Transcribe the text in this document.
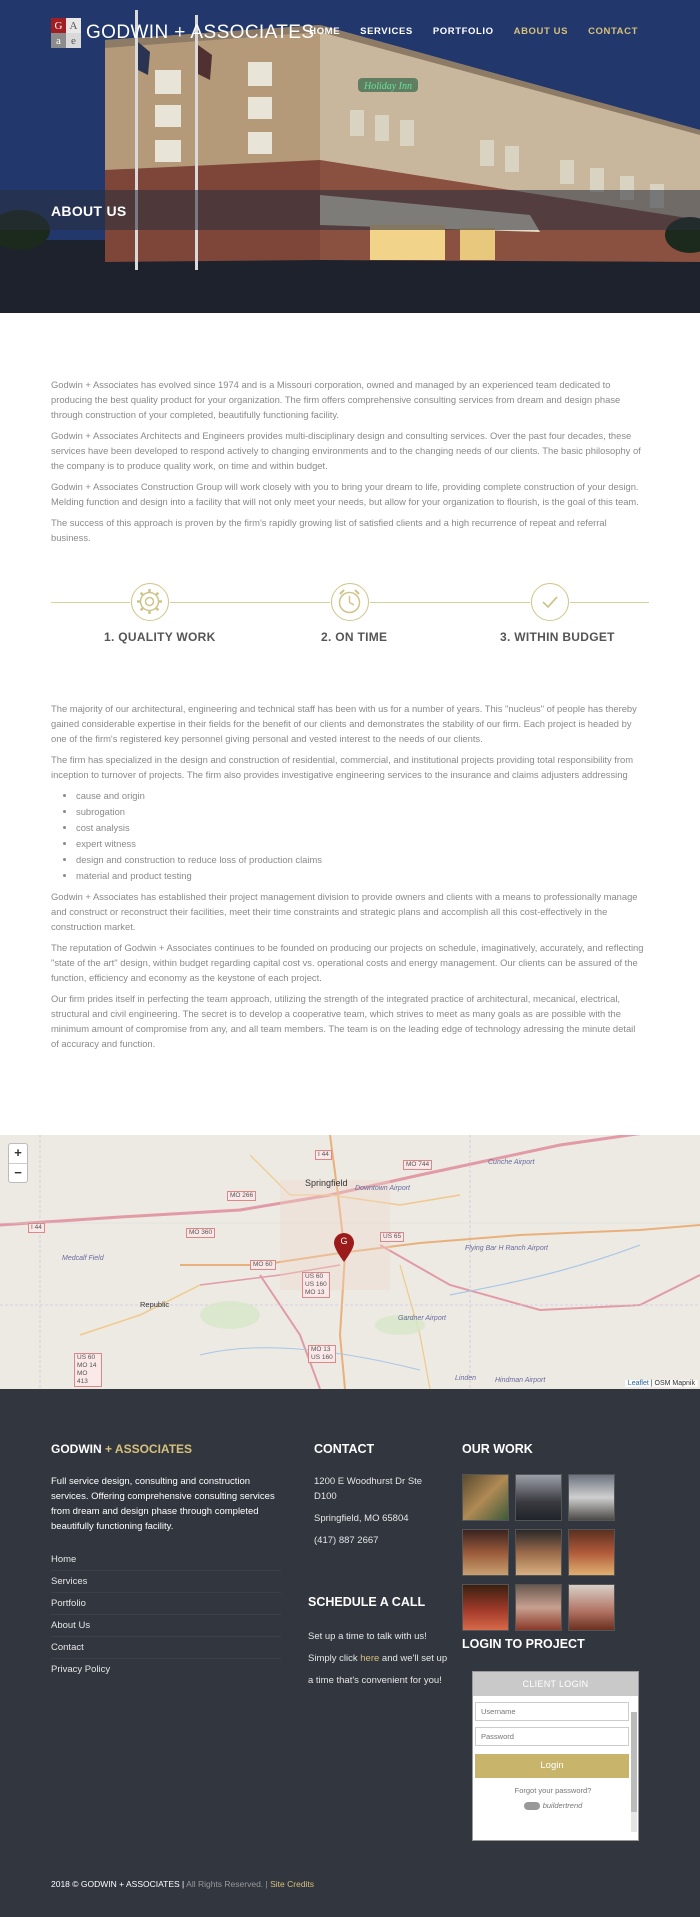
Holiday Inn
ABOUT US
G A
a e GODWIN + ASSOCIATES
HOME SERVICES PORTFOLIO ABOUT US CONTACT

Godwin + Associates has evolved since 1974 and is a Missouri corporation, owned and managed by an experienced team dedicated to producing the best quality product for your organization. The firm offers comprehensive consulting services from dream and design phase through construction of your completed, beautifully functioning facility.

Godwin + Associates Architects and Engineers provides multi-disciplinary design and consulting services. Over the past four decades, these services have been developed to respond actively to changing environments and to the changing needs of our clients. The basic philosophy of the company is to produce quality work, on time and within budget.

Godwin + Associates Construction Group will work closely with you to bring your dream to life, providing complete construction of your design. Melding function and design into a facility that will not only meet your needs, but allow for your organization to flourish, is the goal of this team.

The success of this approach is proven by the firm's rapidly growing list of satisfied clients and a high recurrence of repeat and referral business.

1. QUALITY WORK	2. ON TIME	3. WITHIN BUDGET

The majority of our architectural, engineering and technical staff has been with us for a number of years. This "nucleus" of people has thereby gained considerable expertise in their fields for the benefit of our clients and demonstrates the stability of our firm. Each project is headed by one of the firm's registered key personnel giving personal and vested interest to the needs of our clients.

The firm has specialized in the design and construction of residential, commercial, and institutional projects providing total responsibility from inception to turnover of projects. The firm also provides investigative engineering services to the insurance and claims adjusters addressing

• cause and origin
• subrogation
• cost analysis
• expert witness
• design and construction to reduce loss of production claims
• material and product testing

Godwin + Associates has established their project management division to provide owners and clients with a means to professionally manage and construct or reconstruct their facilities, meet their time constraints and strategic plans and accomplish all this cost-effectively in the construction market.

The reputation of Godwin + Associates continues to be founded on producing our projects on schedule, imaginatively, accurately, and reflecting "state of the art" design, within budget regarding capital cost vs. operational costs and energy management. Our clients can be assured of the function, efficiency and economy as the keystone of each project.

Our firm prides itself in perfecting the team approach, utilizing the strength of the integrated practice of architectural, mecanical, electrical, structural and civil engineering. The secret is to develop a cooperative team, which strives to meet as many goals as are possible with the minimum amount of compromise from any, and all team members. The team is on the leading edge of technology adressing the minute detail of accuracy and function.

Springfield
Republic
Cunche Airport
Downtown Airport
Medcalf Field
Flying Bar H Ranch Airport
Gardner Airport
Linden	Hindman Airport
I 44
MO 744
MO 266
MO 360
US 65
MO 60
US 60 US 160 MO 13
MO 13 US 160
US 60 MO 14 MO 413
I 44
G
+
−
Leaflet | OSM Mapnik
GODWIN + ASSOCIATES
Full service design, consulting and construction services. Offering comprehensive consulting services from dream and design phase through completed beautifully functioning facility.
Home
Services
Portfolio
About Us
Contact
Privacy Policy
CONTACT

1200 E Woodhurst Dr Ste D100

Springfield, MO 65804

(417) 887 2667

SCHEDULE A CALL

Set up a time to talk with us!

Simply click here and we'll set up

a time that's convenient for you!

OUR WORK
LOGIN TO PROJECT
CLIENT LOGIN
Username
Login
Forgot your password?
buildertrend
2018 © GODWIN + ASSOCIATES | All Rights Reserved. | Site Credits
